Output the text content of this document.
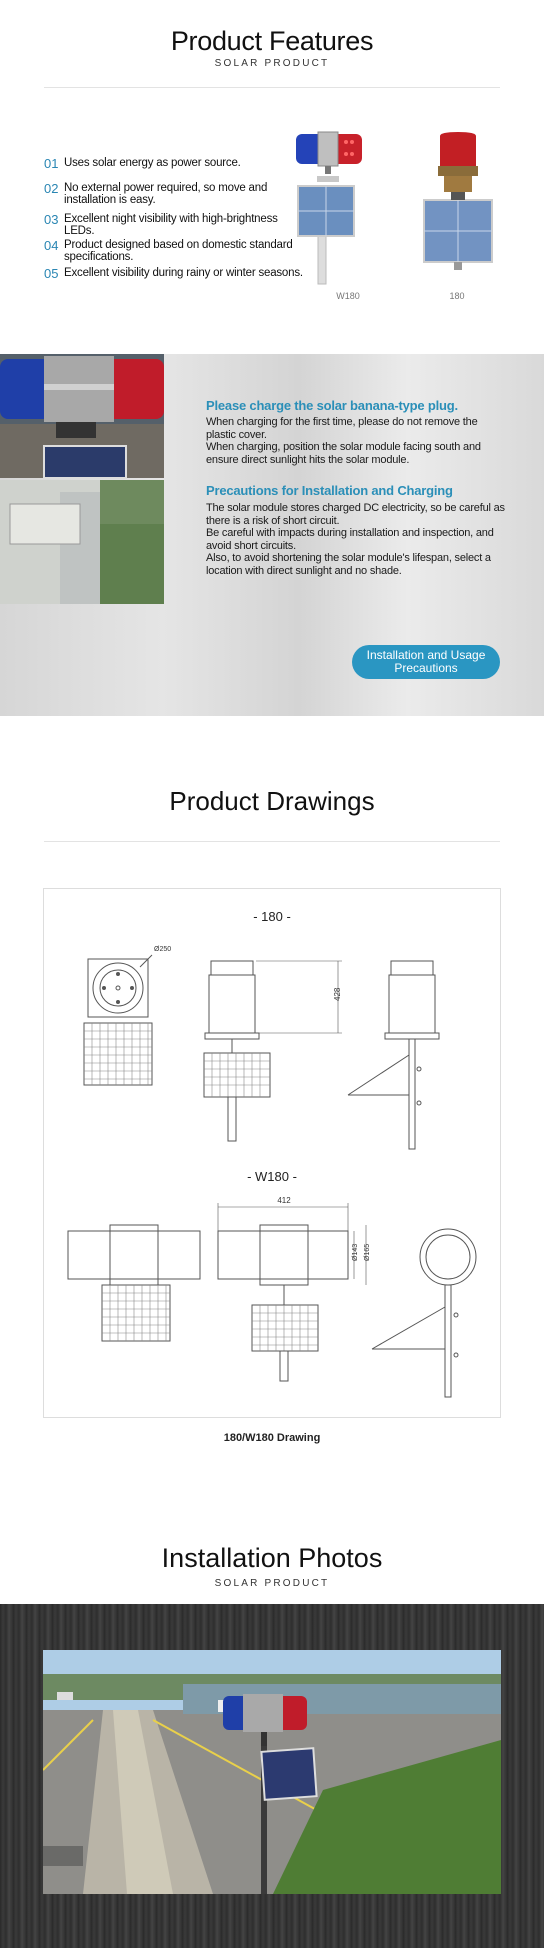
Product Features
SOLAR PRODUCT
01 Uses solar energy as power source.
02 No external power required, so move and installation is easy.
03 Excellent night visibility with high-brightness LEDs.
04 Product designed based on domestic standard specifications.
05 Excellent visibility during rainy or winter seasons.
W180	180
Please charge the solar banana-type plug.
When charging for the first time, please do not remove the plastic cover.
When charging, position the solar module facing south and ensure direct sunlight hits the solar module.
Precautions for Installation and Charging
The solar module stores charged DC electricity, so be careful as there is a risk of short circuit.
Be careful with impacts during installation and inspection, and avoid short circuits.
Also, to avoid shortening the solar module's lifespan, select a location with direct sunlight and no shade.
Installation and Usage
Precautions
Product Drawings
- 180 -
Ø250
428
- W180 -
412
Ø143 Ø165
180/W180 Drawing
Installation Photos
SOLAR PRODUCT
